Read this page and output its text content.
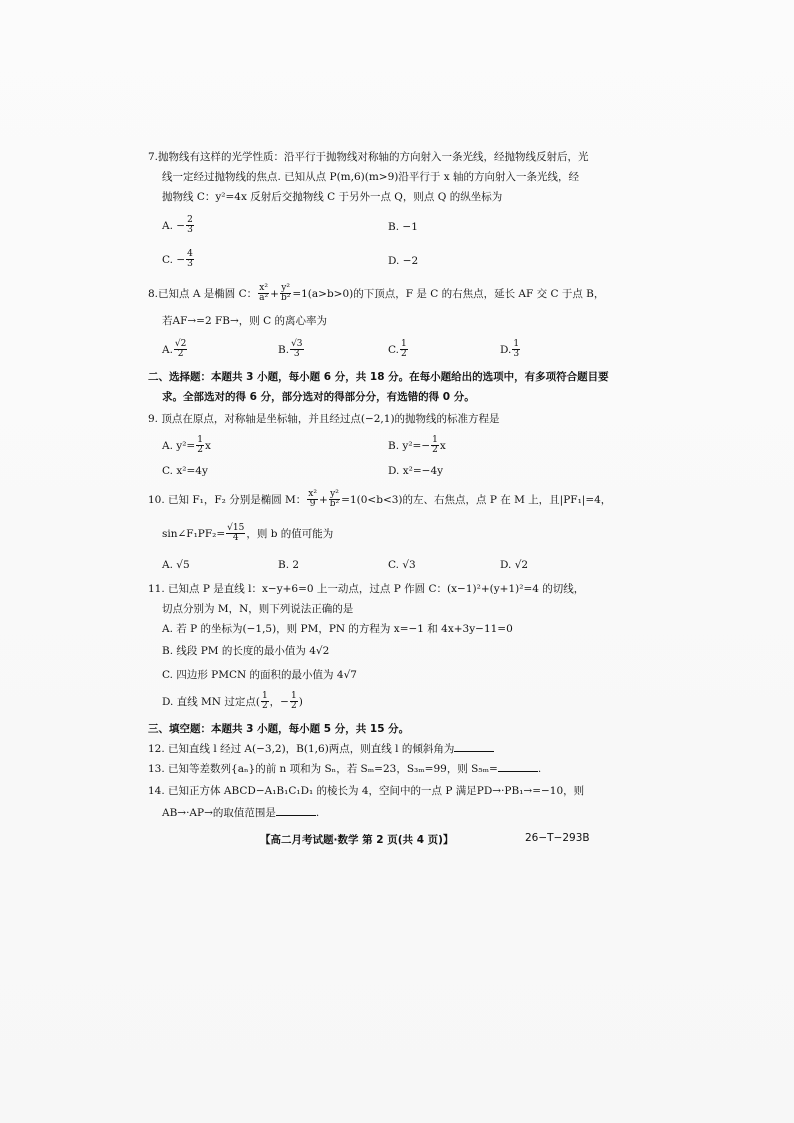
7.抛物线有这样的光学性质：沿平行于抛物线对称轴的方向射入一条光线，经抛物线反射后，光
线一定经过抛物线的焦点. 已知从点 P(m,6)(m>9)沿平行于 x 轴的方向射入一条光线，经
抛物线 C：y²=4x 反射后交抛物线 C 于另外一点 Q，则点 Q 的纵坐标为
A. − $\frac{2}{3}$	B. −1
C. − $\frac{4}{3}$	D. −2
8.已知点 A 是椭圆 C： $\frac{\text{x²}}{\text{a²}} + \frac{\text{y²}}{\text{b²}} =1(a>b>0)$的下顶点，F 是 C 的右焦点，延长 AF 交 C 于点 B，
若AF→=2 FB→，则 C 的离心率为
A. $\frac{√2}{2}$	B. $\frac{√3}{3}$	C. $\frac{1}{2}$	D. $\frac{1}{3}$
二、选择题：本题共 3 小题，每小题 6 分，共 18 分。在每小题给出的选项中，有多项符合题目要
求。全部选对的得 6 分，部分选对的得部分分，有选错的得 0 分。
9. 顶点在原点，对称轴是坐标轴，并且经过点(−2,1)的抛物线的标准方程是
A. $y^2= \frac{1}{2}$ x	B. $y^2=- \frac{1}{2}$ x
C. x²=4y	D. x²=−4y
10. 已知 F₁，F₂ 分别是椭圆 M： $\frac{\text{x²}}{9} + \frac{\text{y²}}{\text{b²}} =1(0<b<3)$的左、右焦点，点 P 在 M 上，且|PF₁|=4，
sin∠F₁PF₂= $\frac{√15}{4}$ ，则 b 的值可能为
A. √5	B. 2	C. √3	D. √2
11. 已知点 P 是直线 l：x−y+6=0 上一动点，过点 P 作圆 C：(x−1)²+(y+1)²=4 的切线，
切点分别为 M，N，则下列说法正确的是
A. 若 P 的坐标为(−1,5)，则 PM，PN 的方程为 x=−1 和 4x+3y−11=0
B. 线段 PM 的长度的最小值为 4√2
C. 四边形 PMCN 的面积的最小值为 4√7
D. 直线 MN 过定点( $\frac{1}{2}$ ，− $\frac{1}{2}$ )
三、填空题：本题共 3 小题，每小题 5 分，共 15 分。
12. 已知直线 l 经过 A(−3,2)，B(1,6)两点，则直线 l 的倾斜角为
13. 已知等差数列{aₙ}的前 n 项和为 Sₙ，若 Sₘ=23，S₃ₘ=99，则 S₅ₘ=	.
14. 已知正方体 ABCD−A₁B₁C₁D₁ 的棱长为 4，空间中的一点 P 满足PD→·PB₁→=−10，则
AB→·AP→的取值范围是	.
【高二月考试题·数学 第 2 页(共 4 页)】	26−T−293B
